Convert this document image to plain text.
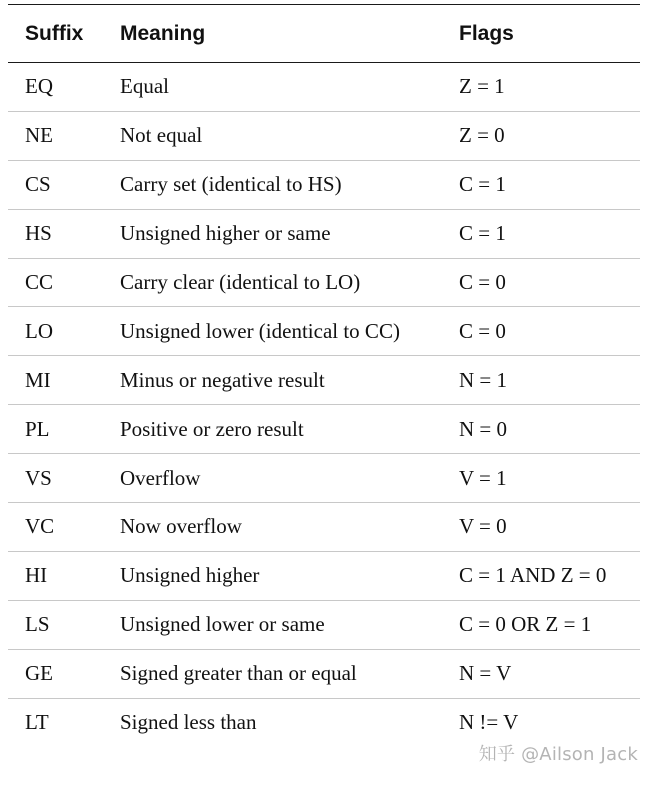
Suffix	Meaning	Flags
EQ	Equal	Z = 1
NE	Not equal	Z = 0
CS	Carry set (identical to HS)	C = 1
HS	Unsigned higher or same	C = 1
CC	Carry clear (identical to LO)	C = 0
LO	Unsigned lower (identical to CC)	C = 0
MI	Minus or negative result	N = 1
PL	Positive or zero result	N = 0
VS	Overflow	V = 1
VC	Now overflow	V = 0
HI	Unsigned higher	C = 1 AND Z = 0
LS	Unsigned lower or same	C = 0 OR Z = 1
GE	Signed greater than or equal	N = V
LT	Signed less than	N != V
知乎 @Ailson Jack
